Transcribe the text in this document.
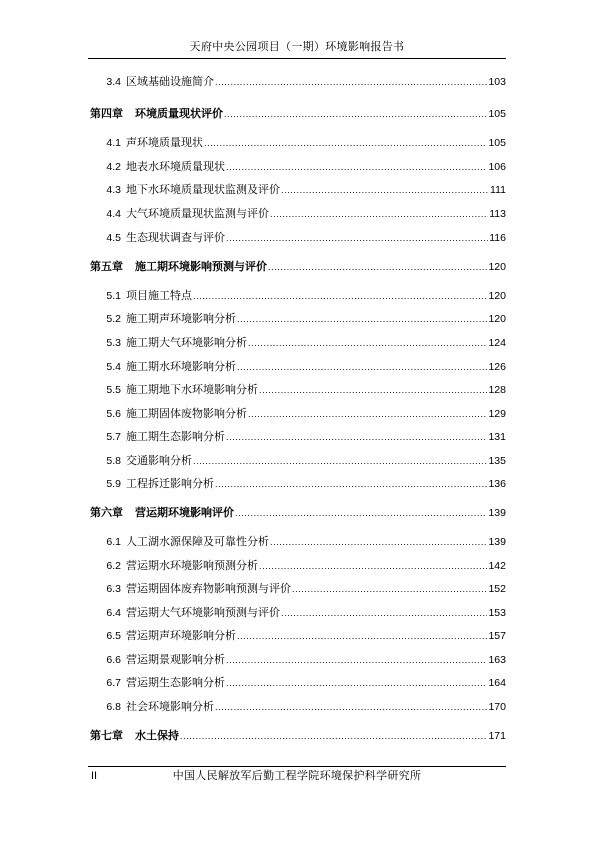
天府中央公园项目（一期）环境影响报告书
3.4 区域基础设施简介 .....	103
第四章	环境质量现状评价 .....	105
4.1 声环境质量现状 .....	105
4.2 地表水环境质量现状 .....	106
4.3 地下水环境质量现状监测及评价 .....	111
4.4 大气环境质量现状监测与评价 .....	113
4.5 生态现状调查与评价 .....	116
第五章	施工期环境影响预测与评价 .....	120
5.1 项目施工特点 .....	120
5.2 施工期声环境影响分析 .....	120
5.3 施工期大气环境影响分析 .....	124
5.4 施工期水环境影响分析 .....	126
5.5 施工期地下水环境影响分析 .....	128
5.6 施工期固体废物影响分析 .....	129
5.7 施工期生态影响分析 .....	131
5.8 交通影响分析 .....	135
5.9 工程拆迁影响分析 .....	136
第六章	营运期环境影响评价 .....	139
6.1 人工湖水源保障及可靠性分析 .....	139
6.2 营运期水环境影响预测分析 .....	142
6.3 营运期固体废弃物影响预测与评价 .....	152
6.4 营运期大气环境影响预测与评价 .....	153
6.5 营运期声环境影响分析 .....	157
6.6 营运期景观影响分析 .....	163
6.7 营运期生态影响分析 .....	164
6.8 社会环境影响分析 .....	170
第七章	水土保持 .....	171
II	中国人民解放军后勤工程学院环境保护科学研究所
